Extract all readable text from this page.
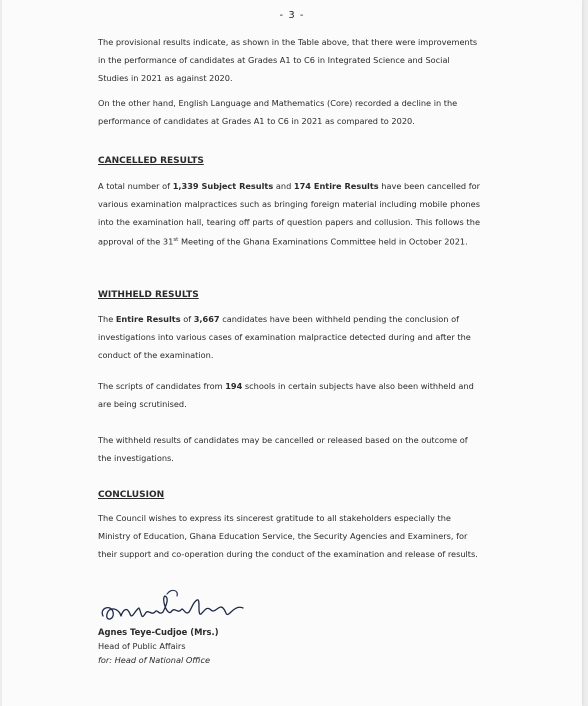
- 3 -

The provisional results indicate, as shown in the Table above, that there were improvements in the performance of candidates at Grades A1 to C6 in Integrated Science and Social Studies in 2021 as against 2020.

On the other hand, English Language and Mathematics (Core) recorded a decline in the performance of candidates at Grades A1 to C6 in 2021 as compared to 2020.

CANCELLED RESULTS

A total number of 1,339 Subject Results and 174 Entire Results have been cancelled for various examination malpractices such as bringing foreign material including mobile phones into the examination hall, tearing off parts of question papers and collusion. This follows the approval of the 31st Meeting of the Ghana Examinations Committee held in October 2021.

WITHHELD RESULTS

The Entire Results of 3,667 candidates have been withheld pending the conclusion of investigations into various cases of examination malpractice detected during and after the conduct of the examination.

The scripts of candidates from 194 schools in certain subjects have also been withheld and are being scrutinised.

The withheld results of candidates may be cancelled or released based on the outcome of the investigations.

CONCLUSION

The Council wishes to express its sincerest gratitude to all stakeholders especially the Ministry of Education, Ghana Education Service, the Security Agencies and Examiners, for their support and co-operation during the conduct of the examination and release of results.

Agnes Teye-Cudjoe (Mrs.)
Head of Public Affairs
for: Head of National Office
